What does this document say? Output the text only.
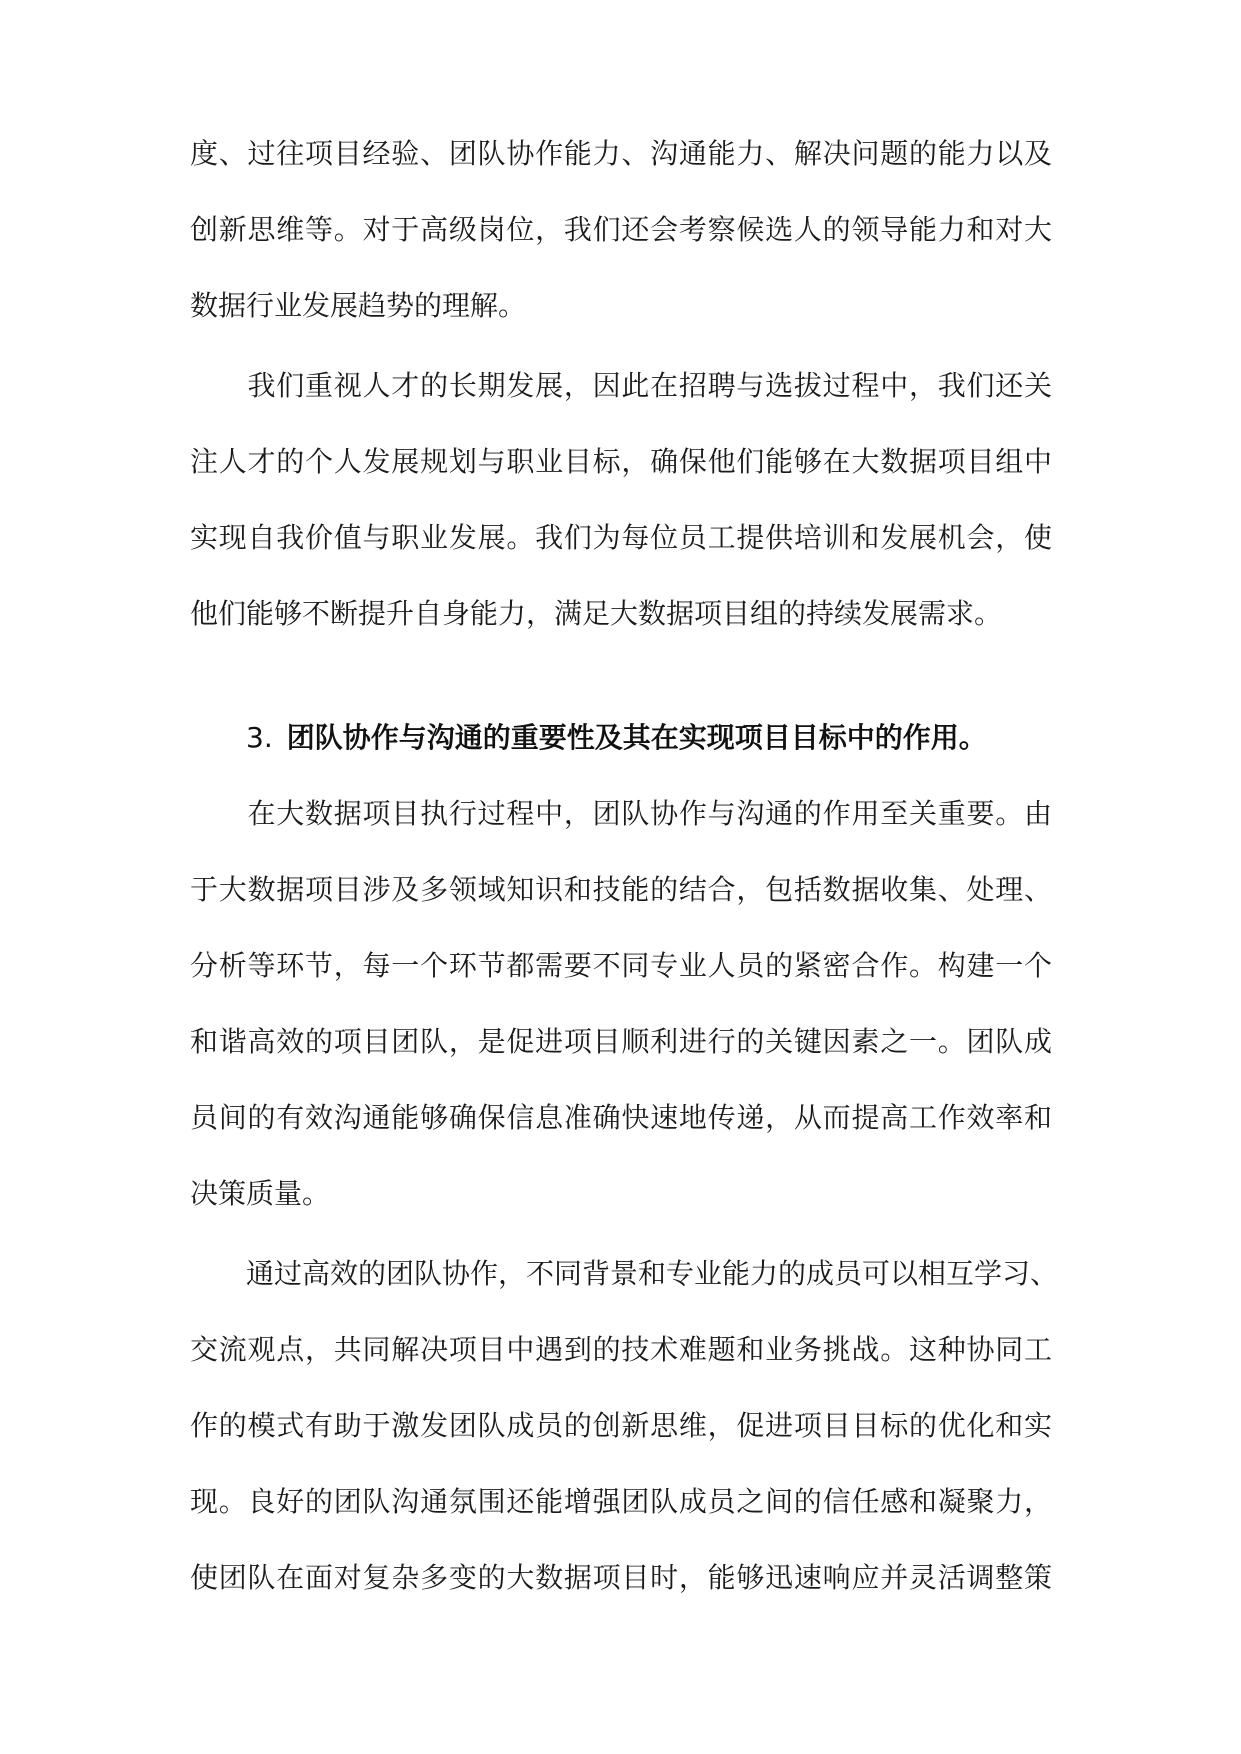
度、过往项目经验、团队协作能力、沟通能力、解决问题的能力以及
创新思维等。对于高级岗位，我们还会考察候选人的领导能力和对大
数据行业发展趋势的理解。
　　我们重视人才的长期发展，因此在招聘与选拔过程中，我们还关
注人才的个人发展规划与职业目标，确保他们能够在大数据项目组中
实现自我价值与职业发展。我们为每位员工提供培训和发展机会，使
他们能够不断提升自身能力，满足大数据项目组的持续发展需求。
3. 团队协作与沟通的重要性及其在实现项目目标中的作用。
　　在大数据项目执行过程中，团队协作与沟通的作用至关重要。由
于大数据项目涉及多领域知识和技能的结合，包括数据收集、处理、
分析等环节，每一个环节都需要不同专业人员的紧密合作。构建一个
和谐高效的项目团队，是促进项目顺利进行的关键因素之一。团队成
员间的有效沟通能够确保信息准确快速地传递，从而提高工作效率和
决策质量。
　　通过高效的团队协作，不同背景和专业能力的成员可以相互学习、
交流观点，共同解决项目中遇到的技术难题和业务挑战。这种协同工
作的模式有助于激发团队成员的创新思维，促进项目目标的优化和实
现。良好的团队沟通氛围还能增强团队成员之间的信任感和凝聚力，
使团队在面对复杂多变的大数据项目时，能够迅速响应并灵活调整策
